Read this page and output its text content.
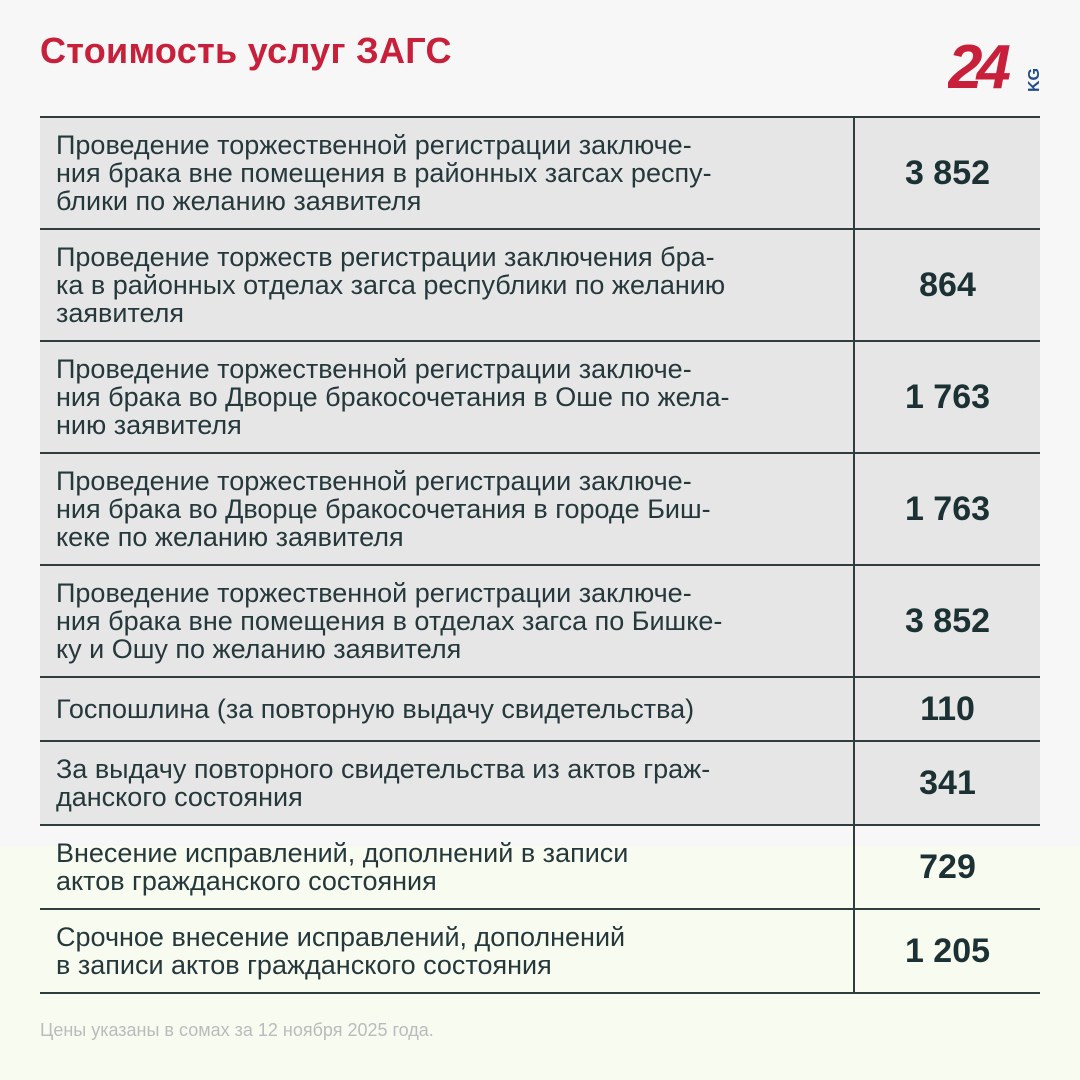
Стоимость услуг ЗАГС	24	KG
Проведение торжественной регистрации заключе-
ния брака вне помещения в районных загсах респу-
блики по желанию заявителя
3 852
Проведение торжеств регистрации заключения бра-
ка в районных отделах загса республики по желанию
заявителя
864
Проведение торжественной регистрации заключе-
ния брака во Дворце бракосочетания в Оше по жела-
нию заявителя
1 763
Проведение торжественной регистрации заключе-
ния брака во Дворце бракосочетания в городе Биш-
кеке по желанию заявителя
1 763
Проведение торжественной регистрации заключе-
ния брака вне помещения в отделах загса по Бишке-
ку и Ошу по желанию заявителя
3 852
Госпошлина (за повторную выдачу свидетельства)	110
За выдачу повторного свидетельства из актов граж-
данского состояния	341
Внесение исправлений, дополнений в записи
актов гражданского состояния	729
Срочное внесение исправлений, дополнений
в записи актов гражданского состояния	1 205
Цены указаны в сомах за 12 ноября 2025 года.
